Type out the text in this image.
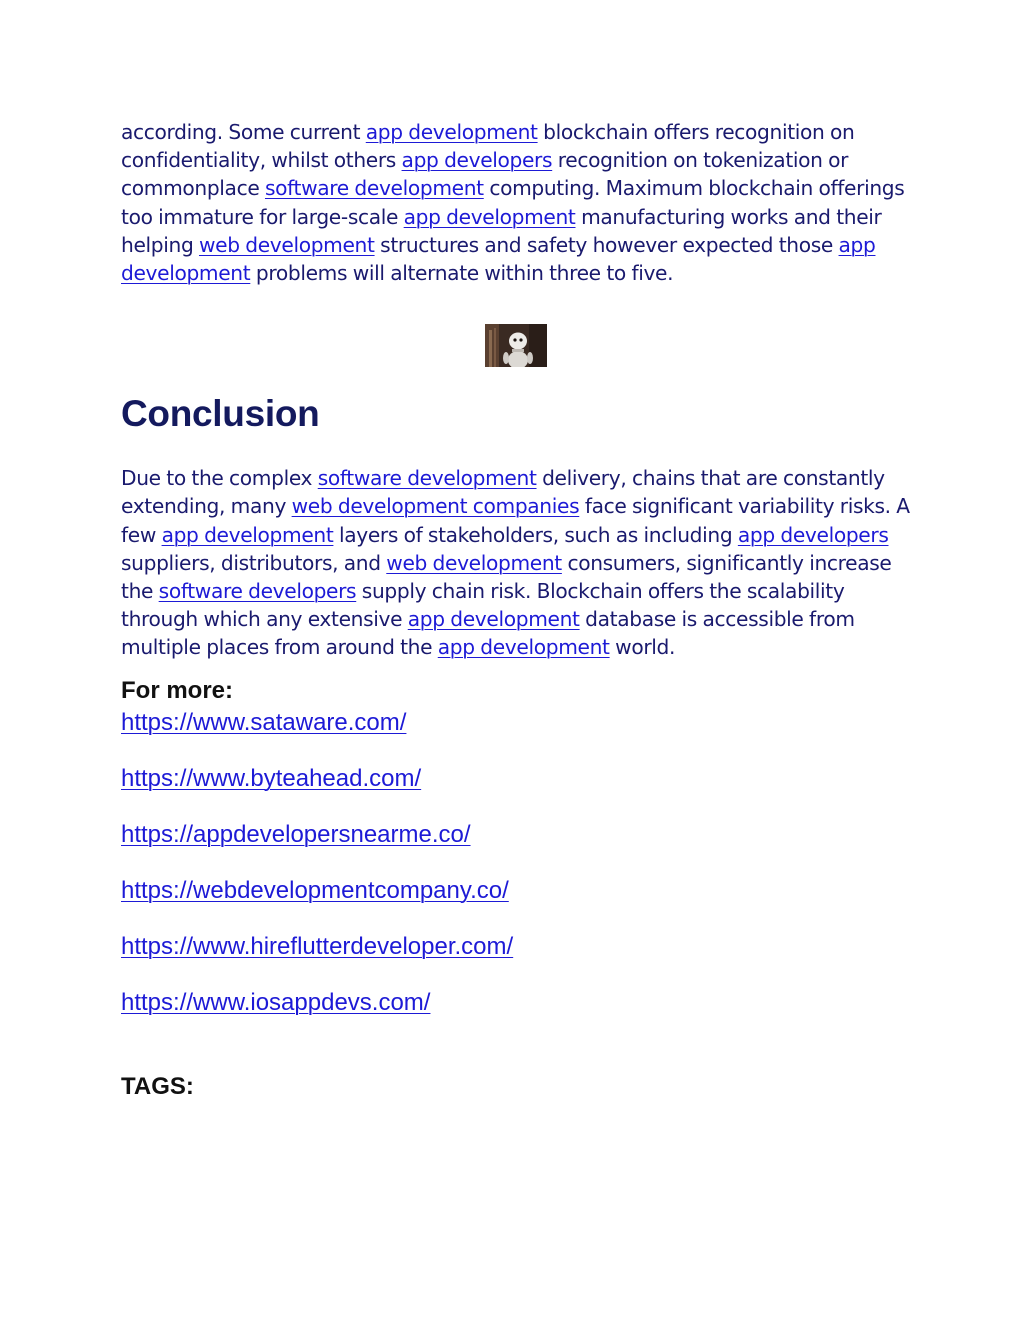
according. Some current app development blockchain offers recognition on confidentiality, whilst others app developers recognition on tokenization or commonplace software development computing. Maximum blockchain offerings too immature for large-scale app development manufacturing works and their helping web development structures and safety however expected those app development problems will alternate within three to five.

Conclusion

Due to the complex software development delivery, chains that are constantly extending, many web development companies face significant variability risks. A few app development layers of stakeholders, such as including app developers suppliers, distributors, and web development consumers, significantly increase the software developers supply chain risk. Blockchain offers the scalability through which any extensive app development database is accessible from multiple places from around the app development world.

For more:
https://www.sataware.com/
https://www.byteahead.com/
https://appdevelopersnearme.co/
https://webdevelopmentcompany.co/
https://www.hireflutterdeveloper.com/
https://www.iosappdevs.com/
TAGS:
